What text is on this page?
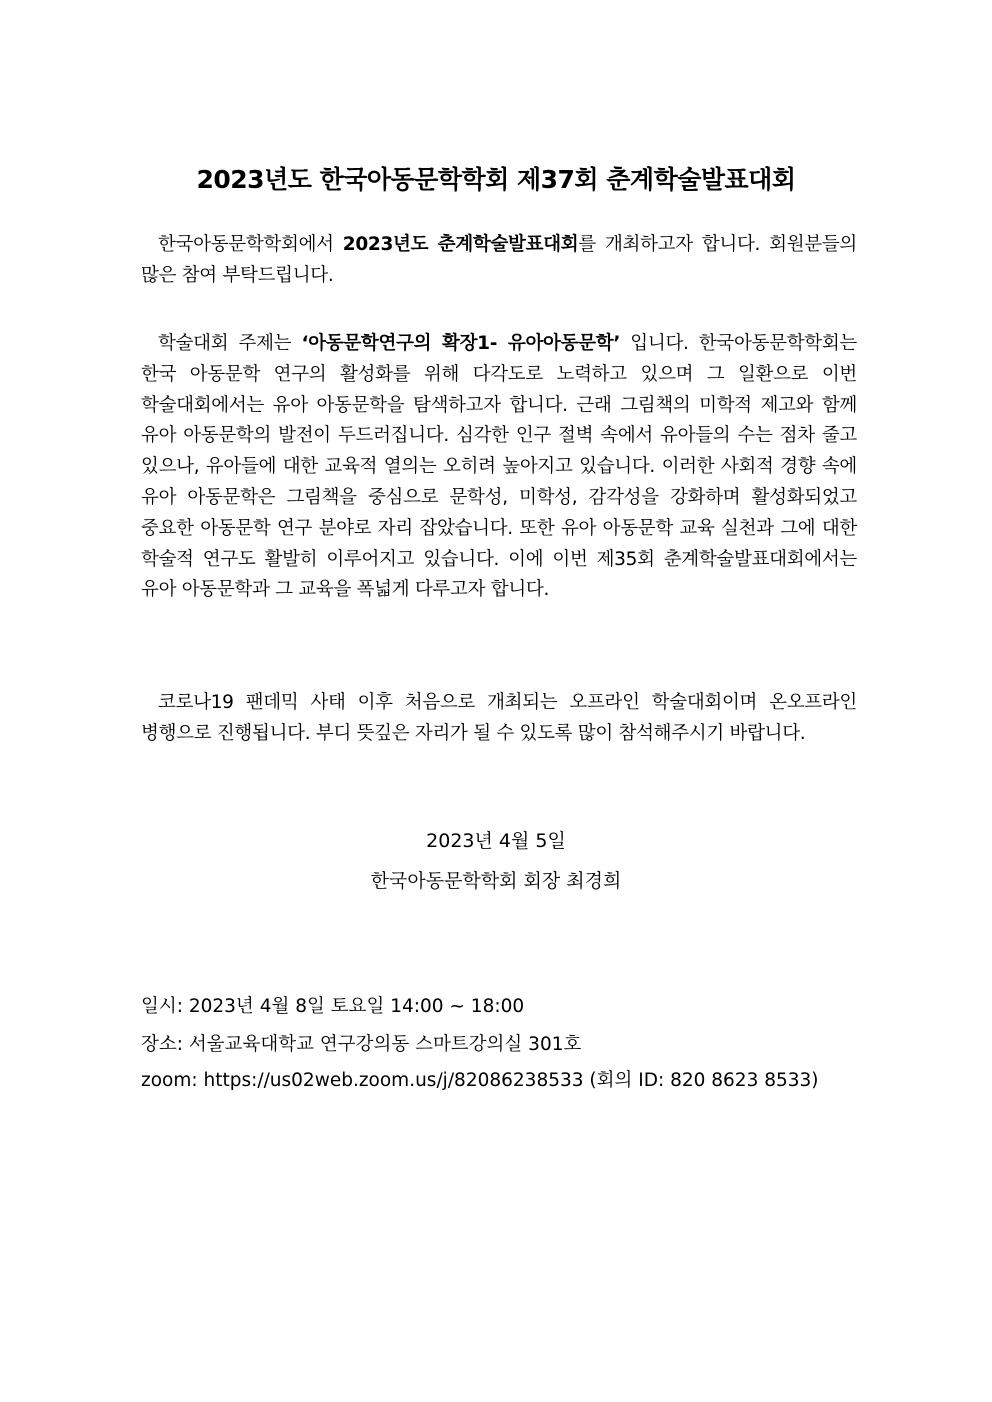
2023년도 한국아동문학학회 제37회 춘계학술발표대회

한국아동문학학회에서 2023년도 춘계학술발표대회를 개최하고자 합니다. 회원분들의 많은 참여 부탁드립니다.

학술대회 주제는 ‘아동문학연구의 확장1- 유아아동문학’ 입니다. 한국아동문학학회는 한국 아동문학 연구의 활성화를 위해 다각도로 노력하고 있으며 그 일환으로 이번 학술대회에서는 유아 아동문학을 탐색하고자 합니다. 근래 그림책의 미학적 제고와 함께 유아 아동문학의 발전이 두드러집니다. 심각한 인구 절벽 속에서 유아들의 수는 점차 줄고 있으나, 유아들에 대한 교육적 열의는 오히려 높아지고 있습니다. 이러한 사회적 경향 속에 유아 아동문학은 그림책을 중심으로 문학성, 미학성, 감각성을 강화하며 활성화되었고 중요한 아동문학 연구 분야로 자리 잡았습니다. 또한 유아 아동문학 교육 실천과 그에 대한 학술적 연구도 활발히 이루어지고 있습니다. 이에 이번 제35회 춘계학술발표대회에서는 유아 아동문학과 그 교육을 폭넓게 다루고자 합니다.

코로나19 팬데믹 사태 이후 처음으로 개최되는 오프라인 학술대회이며 온오프라인 병행으로 진행됩니다. 부디 뜻깊은 자리가 될 수 있도록 많이 참석해주시기 바랍니다.

2023년 4월 5일

한국아동문학학회 회장 최경희

일시: 2023년 4월 8일 토요일 14:00 ~ 18:00

장소: 서울교육대학교 연구강의동 스마트강의실 301호

zoom: https://us02web.zoom.us/j/82086238533 (회의 ID: 820 8623 8533)
